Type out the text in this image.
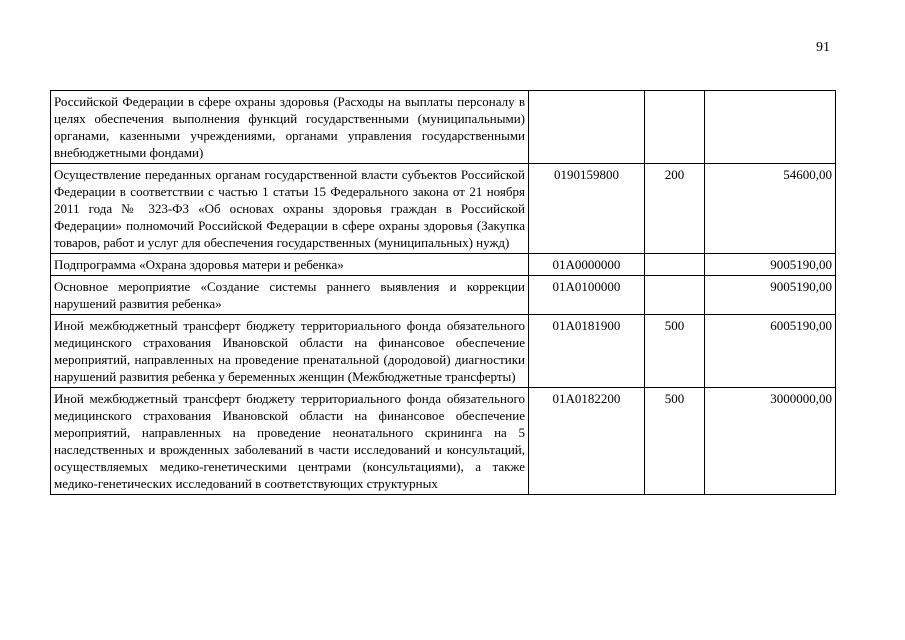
91
Российской Федерации в сфере охраны здоровья (Расходы на выплаты персоналу в целях обеспечения выполнения функций государственными (муниципальными) органами, казенными учреждениями, органами управления государственными внебюджетными фондами)			
Осуществление переданных органам государственной власти субъектов Российской Федерации в соответствии с частью 1 статьи 15 Федерального закона от 21 ноября 2011 года № 323-ФЗ «Об основах охраны здоровья граждан в Российской Федерации» полномочий Российской Федерации в сфере охраны здоровья (Закупка товаров, работ и услуг для обеспечения государственных (муниципальных) нужд)	0190159800	200	54600,00
Подпрограмма «Охрана здоровья матери и ребенка»	01А0000000		9005190,00
Основное мероприятие «Создание системы раннего выявления и коррекции нарушений развития ребенка»	01А0100000		9005190,00
Иной межбюджетный трансферт бюджету территориального фонда обязательного медицинского страхования Ивановской области на финансовое обеспечение мероприятий, направленных на проведение пренатальной (дородовой) диагностики нарушений развития ребенка у беременных женщин (Межбюджетные трансферты)	01А0181900	500	6005190,00
Иной межбюджетный трансферт бюджету территориального фонда обязательного медицинского страхования Ивановской области на финансовое обеспечение мероприятий, направленных на проведение неонатального скрининга на 5 наследственных и врожденных заболеваний в части исследований и консультаций, осуществляемых медико-генетическими центрами (консультациями), а также медико-генетических исследований в соответствующих структурных	01А0182200	500	3000000,00
